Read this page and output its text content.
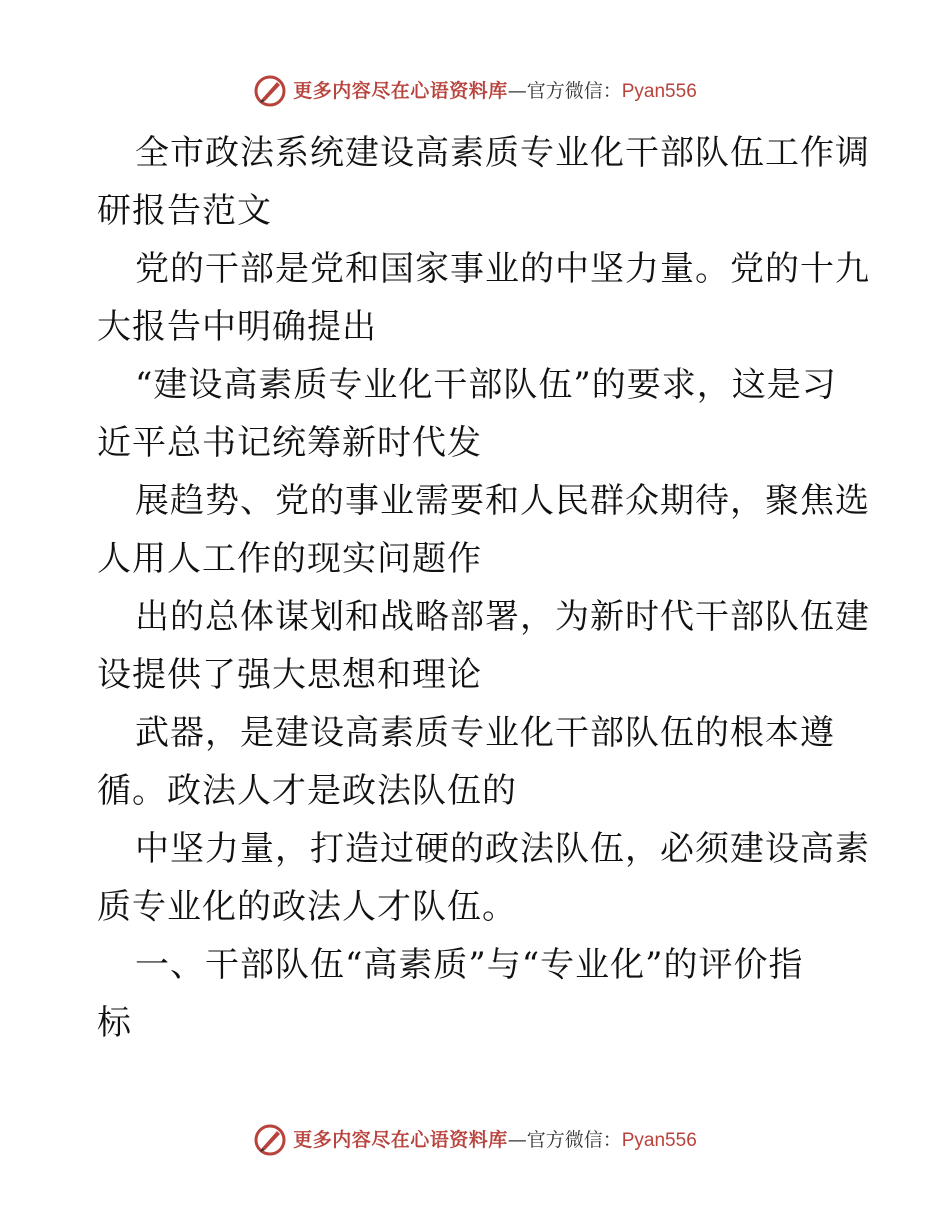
更多内容尽在心语资料库 —官方微信： Pyan556

全市政法系统建设高素质专业化干部队伍工作调
研报告范文

党的干部是党和国家事业的中坚力量。党的十九
大报告中明确提出

“建设高素质专业化干部队伍”的要求，这是习
近平总书记统筹新时代发

展趋势、党的事业需要和人民群众期待，聚焦选
人用人工作的现实问题作

出的总体谋划和战略部署，为新时代干部队伍建
设提供了强大思想和理论

武器，是建设高素质专业化干部队伍的根本遵
循。政法人才是政法队伍的

中坚力量，打造过硬的政法队伍，必须建设高素
质专业化的政法人才队伍。

一、干部队伍“高素质”与“专业化”的评价指
标

更多内容尽在心语资料库 —官方微信： Pyan556
